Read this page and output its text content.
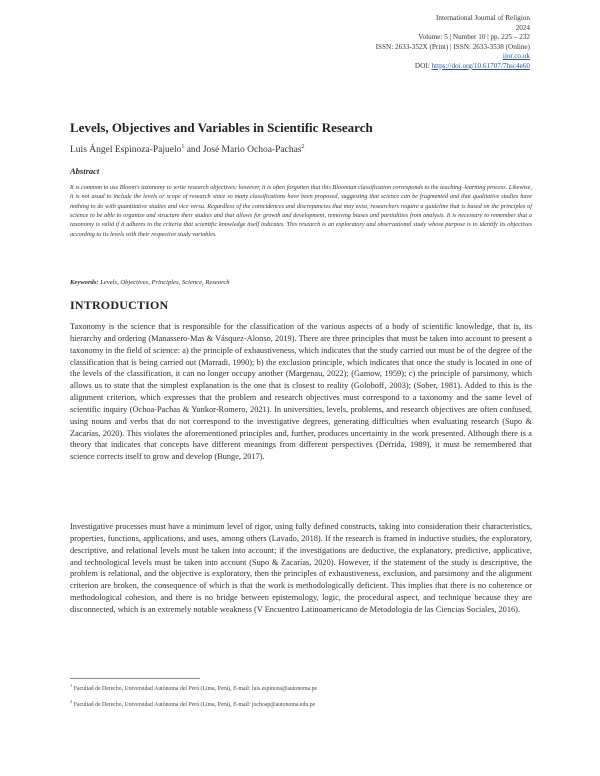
International Journal of Religion
2024
Volume: 5 | Number 10 | pp. 225 – 232
ISSN: 2633-352X (Print) | ISSN: 2633-3538 (Online)
ijor.co.uk
DOI: https://doi.org/10.61707/7hsc4e60
Levels, Objectives and Variables in Scientific Research
Luis Ángel Espinoza-Pajuelo$^1$ and José Mario Ochoa-Pachas$^2$
Abstract
It is common to use Bloom's taxonomy to write research objectives; however, it is often forgotten that this Bloomian classification corresponds to the teaching–learning process. Likewise, it is not usual to include the levels or scope of research since so many classifications have been proposed, suggesting that science can be fragmented and that qualitative studies have nothing to do with quantitative studies and vice versa. Regardless of the coincidences and discrepancies that may exist, researchers require a guideline that is based on the principles of science to be able to organize and structure their studies and that allows for growth and development, removing biases and partialities from analysis. It is necessary to remember that a taxonomy is valid if it adheres to the criteria that scientific knowledge itself indicates. This research is an exploratory and observational study whose purpose is to identify its objectives according to its levels with their respective study variables.
Keywords: Levels, Objectives, Principles, Science, Research
INTRODUCTION
Taxonomy is the science that is responsible for the classification of the various aspects of a body of scientific knowledge, that is, its hierarchy and ordering (Manassero-Mas & Vásquez-Alonso, 2019). There are three principles that must be taken into account to present a taxonomy in the field of science: a) the principle of exhaustiveness, which indicates that the study carried out must be of the degree of the classification that is being carried out (Marradi, 1990); b) the exclusion principle, which indicates that once the study is located in one of the levels of the classification, it can no longer occupy another (Margenau, 2022); (Gamow, 1959); c) the principle of parsimony, which allows us to state that the simplest explanation is the one that is closest to reality (Goloboff, 2003); (Sober, 1981). Added to this is the alignment criterion, which expresses that the problem and research objectives must correspond to a taxonomy and the same level of scientific inquiry (Ochoa-Pachas & Yunkor-Romero, 2021). In universities, levels, problems, and research objectives are often confused, using nouns and verbs that do not correspond to the investigative degrees, generating difficulties when evaluating research (Supo & Zacarías, 2020). This violates the aforementioned principles and, further, produces uncertainty in the work presented. Although there is a theory that indicates that concepts have different meanings from different perspectives (Derrida, 1989), it must be remembered that science corrects itself to grow and develop (Bunge, 2017).
Investigative processes must have a minimum level of rigor, using fully defined constructs, taking into consideration their characteristics, properties, functions, applications, and uses, among others (Lavado, 2018). If the research is framed in inductive studies, the exploratory, descriptive, and relational levels must be taken into account; if the investigations are deductive, the explanatory, predictive, applicative, and technological levels must be taken into account (Supo & Zacarías, 2020). However, if the statement of the study is descriptive, the problem is relational, and the objective is exploratory, then the principles of exhaustiveness, exclusion, and parsimony and the alignment criterion are broken, the consequence of which is that the work is methodologically deficient. This implies that there is no coherence or methodological cohesion, and there is no bridge between epistemology, logic, the procedural aspect, and technique because they are disconnected, which is an extremely notable weakness (V Encuentro Latinoamericano de Metodología de las Ciencias Sociales, 2016).
$^1$ Facultad de Derecho, Universidad Autónoma del Perú (Lima, Perú), E-mail: luis.espinoza@autonoma.pe
$^2$ Facultad de Derecho, Universidad Autónoma del Perú (Lima, Perú), E-mail: jochoap@autonoma.edu.pe
